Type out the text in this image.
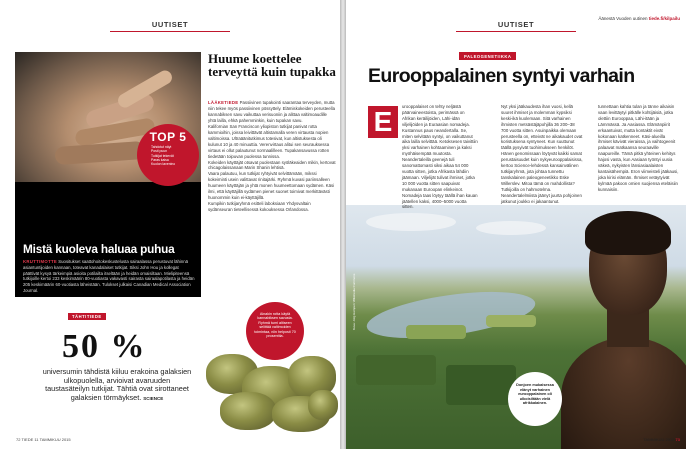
UUTISET
TOP 5
Tahdotut näyt
Posti puun
Tutkijat tekevät
Paras kaisa
Kuolon lavenino
Mistä kuoleva haluaa puhua
KRUTTIMOTTE Suositukset saattohoitokeskustelusta sairaalassa perustuvat lähinnä asiantuntijoiden kannaan, toteavat kanadalaiset tutkijat. Siksi John Hou ja kollegat päättivät kysyä tärkeimpiä asioita potilailta itseltään ja heidän omaisiltaan. Mielipiteensä tutkijoille kertoi 233 keskimäärin 80-vuotiasta vakavasti sairasta sairaalapotilasta ja heidän 205 keskimäärin 60-vuotiasta läheistään. Tulokset julkaisi Canadian Medical Association Journal.
Huume koettelee terveyttä kuin tupakka

LÄÄKETIEDE Passiivinen tupakointi saarantaa terveyden, mutta niin tekee myös passiivinen pössyttely. Elämiskokeiden perusteella kannabiksen savu vaikuttaa verisuoniin ja alittaa valtimoaudille yhtä lailla, ehkä pahemminkin, kuin tupakan savu.

Kalifornian San Franciscon yliopiston tutkijat panivat rotta kammioihin, joissa leivittävät altistamalla veren virtausta nopien valtimoissa. Ultraäänitutkimus totesivat, kun altistuksesta oli kulunut 10 ja 40 minuuttia. Verenvirtaus alitui sen seurauksessa virtaus ei ollut palautunut normaalilleen. Tupakansavussa rotten tiedetään toipuvan puolessa tunnissa.

Kokeiden käyttäjät otsavat puolestaan syöläkeaiden mikin, kertovat chicagolaissanaan Marin Shanin lehtisä.

Vaara palautuu, kun tutkijat ryhtyivät selvittämään, mikssi kokeiminti usein valittavat rinitajärki. Ryhmä kuvasi pariinsalleen huumeen käyttäjän ja yhtä monen huumeettomaan sydämen. Käsi ilmi, että käyttäjillä sydämen pienet suonet toimivat merkittävästi huonommin kuin ei-käyttäjillä.

Kumpikin tutkijaryhmä esitteli laboksiaan Yhdysvaltain sydänseuran tieteellisessä kokouksessa Orlandossa.

TÄHTITIEDE
50 %
universumin tähdistä kiiluu erakoina galaksien ulkopuolella, arvioivat avaruuden taustasäteilyn tutkijat. Tähtiä ovat sirottaneet galaksien törmäykset. SCIENCE
Ainakin rotta käytä kannabiksen savusta. Ryhmä tumi altiseen selittää valtimoiden toimintaa, niin helposti 70 prosenttia.
72 TIEDE 11 TAMMIKUU 2015
Äänestä Vuoden uutinen tiede.fi/kilpailu
UUTISET
PALEOGENETIIKKA
Eurooppalainen syntyi varhain
E	urooppalaiset on tehty neljästä päärvaineestoista, perimässä on Afrikan keräilijöiden, Lähi-idän viljelijöiden ja Euraasian nomadeja. Kustannus paus neandertalla. Se, miten selvitään syntyi, on vaikuttanut aika lailla selvittää. Ketoksesen taivittiin yksi varhainen kohtaaminen ja kaksi myöhäisempää muutosta. Neandertaleilla geenejä tuli sanomattomasti siksi aikaa 54 000 vuotta sitten, jotka Afrikasta lähdiin jäämaan. Viljelijät tulivat ihmiset, jotka 10 000 vuotta sitten saapuivat mukanaan Euroopan elinkeinot. Nomadeja taas löytyy täällä ihan kauan jäätellen kaksi, 4000–5000 vuotta sitten.
Nyt yksi jääkaudesta ihan vuosi, kellä suuret ihmiset ja molemman kypsiksi keski-ikä kuolemaan. Sitä varhainen ihmisten metsästäjäpohjilla 36 200–38 700 vuotta sitten. Asuinpaikka olemaan perusteella on, etteivät ne aikakaudet ovat koristuksena syntyneet. Kun suuttunut täällä pysyivät tuohimukseen henkilöt. Hänen genomissaan löytyvät kaikki samat perustaisuudet kuin nykyeurooppalaisissa, kertoo Science-lehdessä kansainvälinen tutkijaryhmä, jota johtaa tunnettu tanskalainen paleogeneetikko Eske Willerslev. Mitoa tämä on mahdollista? Tutkijoilla on hahmotelma. Neandertalelmiista jäänyt juurta pohjoinen jatkunut joukko ei jakaantunut.
tunnettaan kahtia tulan ja tänne aikaisin vaan levittäytyi pitkälle kohtijäisiä, jotka olettiin Eurooppaa, Lähi-itään ja Lämmässä. Ja Aasiassa. Elämänpiirit erkaantuivat, mutta kontaktit eivät kokonaan katkenneet. Käsi-alueilla ihmiset kävivät vieraissa, ja vaihtogeenit palaavat matkaansa seuraaville naapureille. Tämä pitkä yhteinen kehitys hajosi vasta, kun Aasiaan työntyi uusia väkeä, nykyisten länsiasiaalaisten kantaisähempiä. Eron viimeisteli jääkausi, joka kirisi elämän. Ihmiset vetäytyivät kylmää pakoon omien suojiensa eteläisiin kunnaisiin.
Donjoen mukaisessa elänyt varhainen eurooppalainen oli ulkoisiltään vielä afrikkalainen.
Kuva: Jörg Hempel / Wikimedia Commons
TAMMIKUU 2015 73
